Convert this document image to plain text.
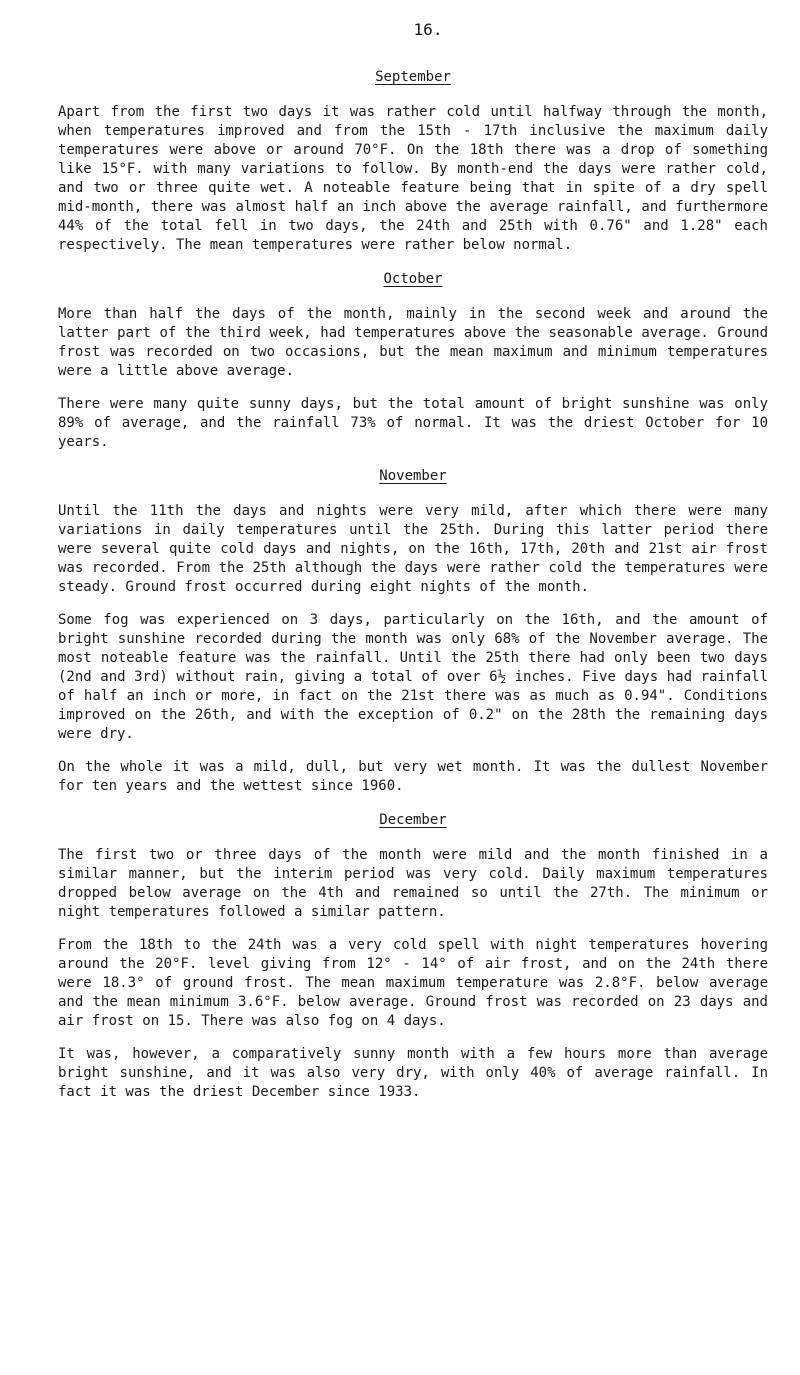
16.
September

Apart from the first two days it was rather cold until halfway through the month, when temperatures improved and from the 15th - 17th inclusive the maximum daily temperatures were above or around 70°F. On the 18th there was a drop of something like 15°F. with many variations to follow. By month-end the days were rather cold, and two or three quite wet. A noteable feature being that in spite of a dry spell mid-month, there was almost half an inch above the average rainfall, and furthermore 44% of the total fell in two days, the 24th and 25th with 0.76" and 1.28" each respectively. The mean temperatures were rather below normal.

October

More than half the days of the month, mainly in the second week and around the latter part of the third week, had temperatures above the seasonable average. Ground frost was recorded on two occasions, but the mean maximum and minimum temperatures were a little above average.

There were many quite sunny days, but the total amount of bright sunshine was only 89% of average, and the rainfall 73% of normal. It was the driest October for 10 years.

November

Until the 11th the days and nights were very mild, after which there were many variations in daily temperatures until the 25th. During this latter period there were several quite cold days and nights, on the 16th, 17th, 20th and 21st air frost was recorded. From the 25th although the days were rather cold the temperatures were steady. Ground frost occurred during eight nights of the month.

Some fog was experienced on 3 days, particularly on the 16th, and the amount of bright sunshine recorded during the month was only 68% of the November average. The most noteable feature was the rainfall. Until the 25th there had only been two days (2nd and 3rd) without rain, giving a total of over 6½ inches. Five days had rainfall of half an inch or more, in fact on the 21st there was as much as 0.94". Conditions improved on the 26th, and with the exception of 0.2" on the 28th the remaining days were dry.

On the whole it was a mild, dull, but very wet month. It was the dullest November for ten years and the wettest since 1960.

December

The first two or three days of the month were mild and the month finished in a similar manner, but the interim period was very cold. Daily maximum temperatures dropped below average on the 4th and remained so until the 27th. The minimum or night temperatures followed a similar pattern.

From the 18th to the 24th was a very cold spell with night temperatures hovering around the 20°F. level giving from 12° - 14° of air frost, and on the 24th there were 18.3° of ground frost. The mean maximum temperature was 2.8°F. below average and the mean minimum 3.6°F. below average. Ground frost was recorded on 23 days and air frost on 15. There was also fog on 4 days.

It was, however, a comparatively sunny month with a few hours more than average bright sunshine, and it was also very dry, with only 40% of average rainfall. In fact it was the driest December since 1933.
